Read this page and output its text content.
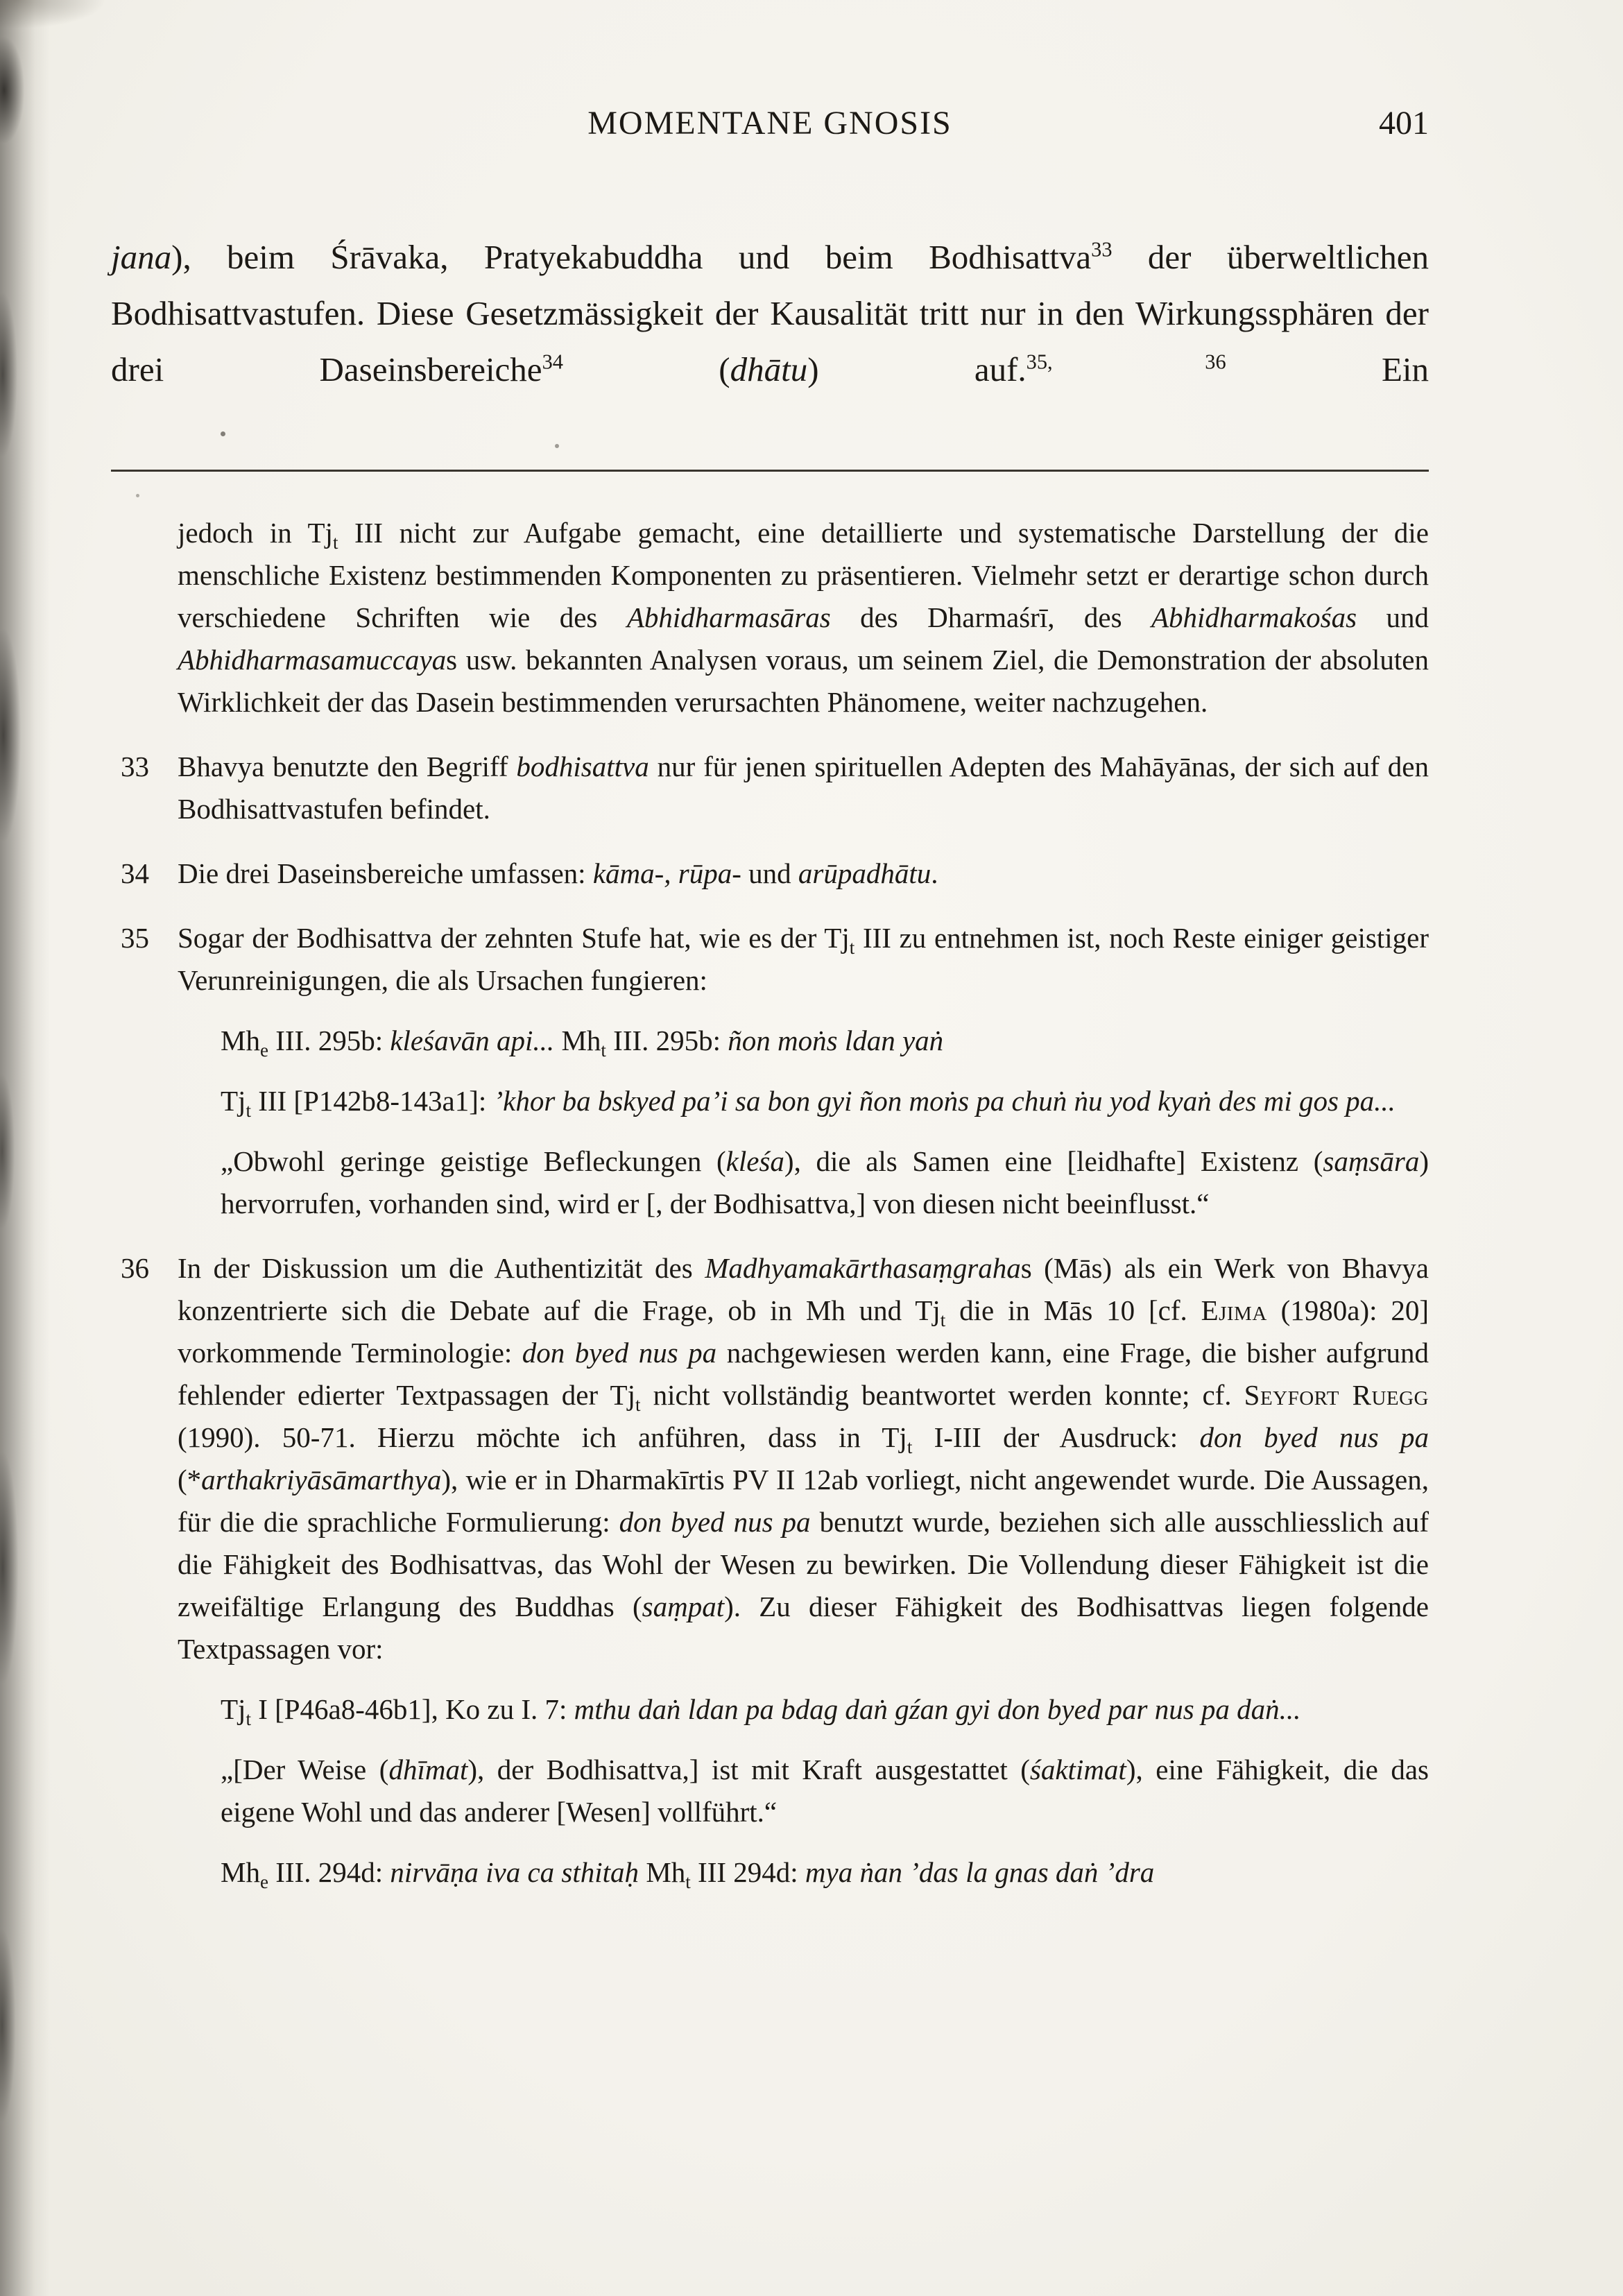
MOMENTANE GNOSIS	401

jana), beim Śrāvaka, Pratyekabuddha und beim Bodhisattva$^{33}$ der überweltlichen Bodhisattvastufen. Diese Gesetzmässigkeit der Kausalität tritt nur in den Wirkungssphären der drei Daseinsbereiche$^{34}$ (dhātu) auf.$^{35, 36}$ Ein

jedoch in $Tj_t$ III nicht zur Aufgabe gemacht, eine detaillierte und systematische Darstellung der die menschliche Existenz bestimmenden Komponenten zu präsentieren. Vielmehr setzt er derartige schon durch verschiedene Schriften wie des Abhidharmasāras des Dharmaśrī, des Abhidharmakośas und Abhidharmasamuccayas usw. bekannten Analysen voraus, um seinem Ziel, die Demonstration der absoluten Wirklichkeit der das Dasein bestimmenden verursachten Phänomene, weiter nachzugehen.

33	Bhavya benutzte den Begriff bodhisattva nur für jenen spirituellen Adepten des Mahāyānas, der sich auf den Bodhisattvastufen befindet.

34	Die drei Daseinsbereiche umfassen: kāma-, rūpa- und arūpadhātu.

35	Sogar der Bodhisattva der zehnten Stufe hat, wie es der $Tj_t$ III zu entnehmen ist, noch Reste einiger geistiger Verunreinigungen, die als Ursachen fungieren:

$Mh_e$ III. 295b: kleśavān api... $Mh_t$ III. 295b: ñon moṅs ldan yaṅ

$Tj_t$ III [P142b8-143a1]: ’khor ba bskyed pa’i sa bon gyi ñon moṅs pa chuṅ ṅu yod kyaṅ des mi gos pa...

„Obwohl geringe geistige Befleckungen (kleśa), die als Samen eine [leidhafte] Existenz (saṃsāra) hervorrufen, vorhanden sind, wird er [, der Bodhisattva,] von diesen nicht beeinflusst.“

36	In der Diskussion um die Authentizität des Madhyamakārthasaṃgrahas (Mās) als ein Werk von Bhavya konzentrierte sich die Debate auf die Frage, ob in Mh und $Tj_t$ die in Mās 10 [cf. Ejima (1980a): 20] vorkommende Terminologie: don byed nus pa nachgewiesen werden kann, eine Frage, die bisher aufgrund fehlender edierter Textpassagen der $Tj_t$ nicht vollständig beantwortet werden konnte; cf. Seyfort Ruegg (1990). 50-71. Hierzu möchte ich anführen, dass in $Tj_t$ I-III der Ausdruck: don byed nus pa (*arthakriyāsāmarthya), wie er in Dharmakīrtis PV II 12ab vorliegt, nicht angewendet wurde. Die Aussagen, für die die sprachliche Formulierung: don byed nus pa benutzt wurde, beziehen sich alle ausschliesslich auf die Fähigkeit des Bodhisattvas, das Wohl der Wesen zu bewirken. Die Vollendung dieser Fähigkeit ist die zweifältige Erlangung des Buddhas (saṃpat). Zu dieser Fähigkeit des Bodhisattvas liegen folgende Textpassagen vor:

$Tj_t$ I [P46a8-46b1], Ko zu I. 7: mthu daṅ ldan pa bdag daṅ gźan gyi don byed par nus pa daṅ...

„[Der Weise (dhīmat), der Bodhisattva,] ist mit Kraft ausgestattet (śaktimat), eine Fähigkeit, die das eigene Wohl und das anderer [Wesen] vollführt.“

$Mh_e$ III. 294d: nirvāṇa iva ca sthitaḥ $Mh_t$ III 294d: mya ṅan ’das la gnas daṅ ’dra
